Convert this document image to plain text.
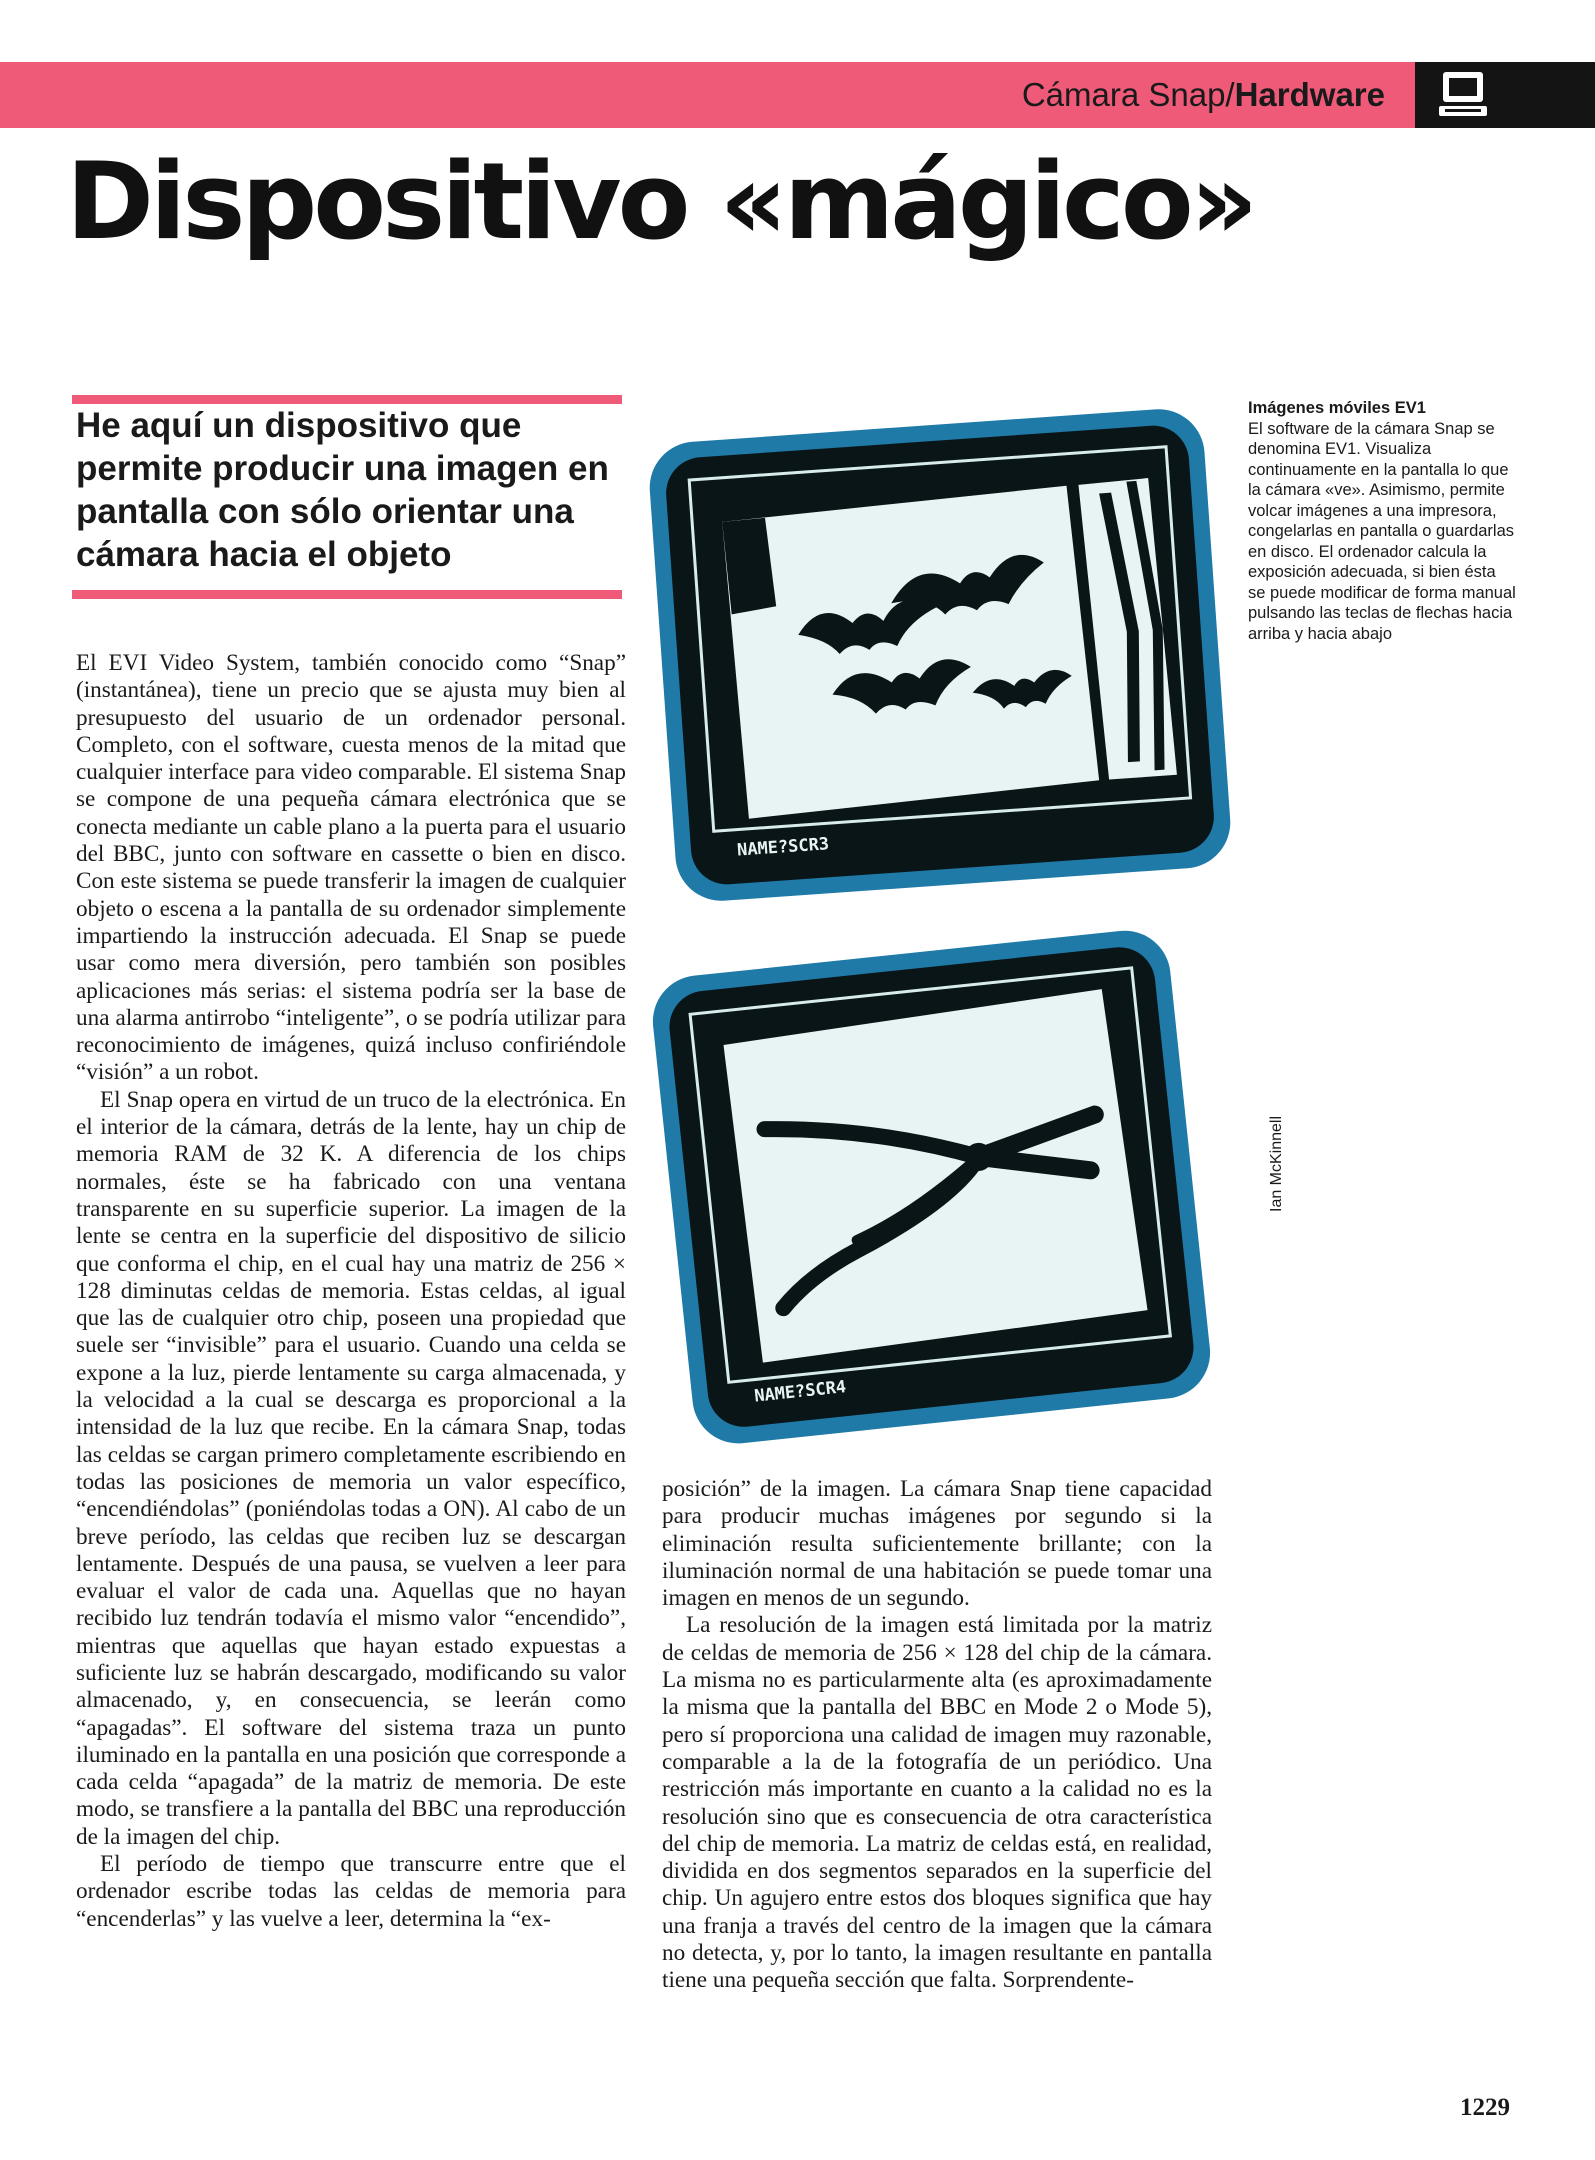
Cámara Snap/Hardware
Dispositivo «mágico»

He aquí un dispositivo que permite producir una imagen en pantalla con sólo orientar una cámara hacia el objeto

El EVI Video System, también conocido como “Snap” (instantánea), tiene un precio que se ajusta muy bien al presupuesto del usuario de un ordenador personal. Completo, con el software, cuesta menos de la mitad que cualquier interface para video comparable. El sistema Snap se compone de una pequeña cámara electrónica que se conecta mediante un cable plano a la puerta para el usuario del BBC, junto con software en cassette o bien en disco. Con este sistema se puede transferir la imagen de cualquier objeto o escena a la pantalla de su ordenador simplemente impartiendo la instrucción adecuada. El Snap se puede usar como mera diversión, pero también son posibles aplicaciones más serias: el sistema podría ser la base de una alarma antirrobo “inteligente”, o se podría utilizar para reconocimiento de imágenes, quizá incluso confiriéndole “visión” a un robot.

El Snap opera en virtud de un truco de la electrónica. En el interior de la cámara, detrás de la lente, hay un chip de memoria RAM de 32 K. A diferencia de los chips normales, éste se ha fabricado con una ventana transparente en su superficie superior. La imagen de la lente se centra en la superficie del dispositivo de silicio que conforma el chip, en el cual hay una matriz de 256 × 128 diminutas celdas de memoria. Estas celdas, al igual que las de cualquier otro chip, poseen una propiedad que suele ser “invisible” para el usuario. Cuando una celda se expone a la luz, pierde lentamente su carga almacenada, y la velocidad a la cual se descarga es proporcional a la intensidad de la luz que recibe. En la cámara Snap, todas las celdas se cargan primero completamente escribiendo en todas las posiciones de memoria un valor específico, “encendiéndolas” (poniéndolas todas a ON). Al cabo de un breve período, las celdas que reciben luz se descargan lentamente. Después de una pausa, se vuelven a leer para evaluar el valor de cada una. Aquellas que no hayan recibido luz tendrán todavía el mismo valor “encendido”, mientras que aquellas que hayan estado expuestas a suficiente luz se habrán descargado, modificando su valor almacenado, y, en consecuencia, se leerán como “apagadas”. El software del sistema traza un punto iluminado en la pantalla en una posición que corresponde a cada celda “apagada” de la matriz de memoria. De este modo, se transfiere a la pantalla del BBC una reproducción de la imagen del chip.

El período de tiempo que transcurre entre que el ordenador escribe todas las celdas de memoria para “encenderlas” y las vuelve a leer, determina la “ex-

NAME?SCR3
NAME?SCR4

Imágenes móviles EV1

El software de la cámara Snap se denomina EV1. Visualiza continuamente en la pantalla lo que la cámara «ve». Asimismo, permite volcar imágenes a una impresora, congelarlas en pantalla o guardarlas en disco. El ordenador calcula la exposición adecuada, si bien ésta se puede modificar de forma manual pulsando las teclas de flechas hacia arriba y hacia abajo

Ian McKinnell

posición” de la imagen. La cámara Snap tiene capacidad para producir muchas imágenes por segundo si la eliminación resulta suficientemente brillante; con la iluminación normal de una habitación se puede tomar una imagen en menos de un segundo.

La resolución de la imagen está limitada por la matriz de celdas de memoria de 256 × 128 del chip de la cámara. La misma no es particularmente alta (es aproximadamente la misma que la pantalla del BBC en Mode 2 o Mode 5), pero sí proporciona una calidad de imagen muy razonable, comparable a la de la fotografía de un periódico. Una restricción más importante en cuanto a la calidad no es la resolución sino que es consecuencia de otra característica del chip de memoria. La matriz de celdas está, en realidad, dividida en dos segmentos separados en la superficie del chip. Un agujero entre estos dos bloques significa que hay una franja a través del centro de la imagen que la cámara no detecta, y, por lo tanto, la imagen resultante en pantalla tiene una pequeña sección que falta. Sorprendente-

1229
